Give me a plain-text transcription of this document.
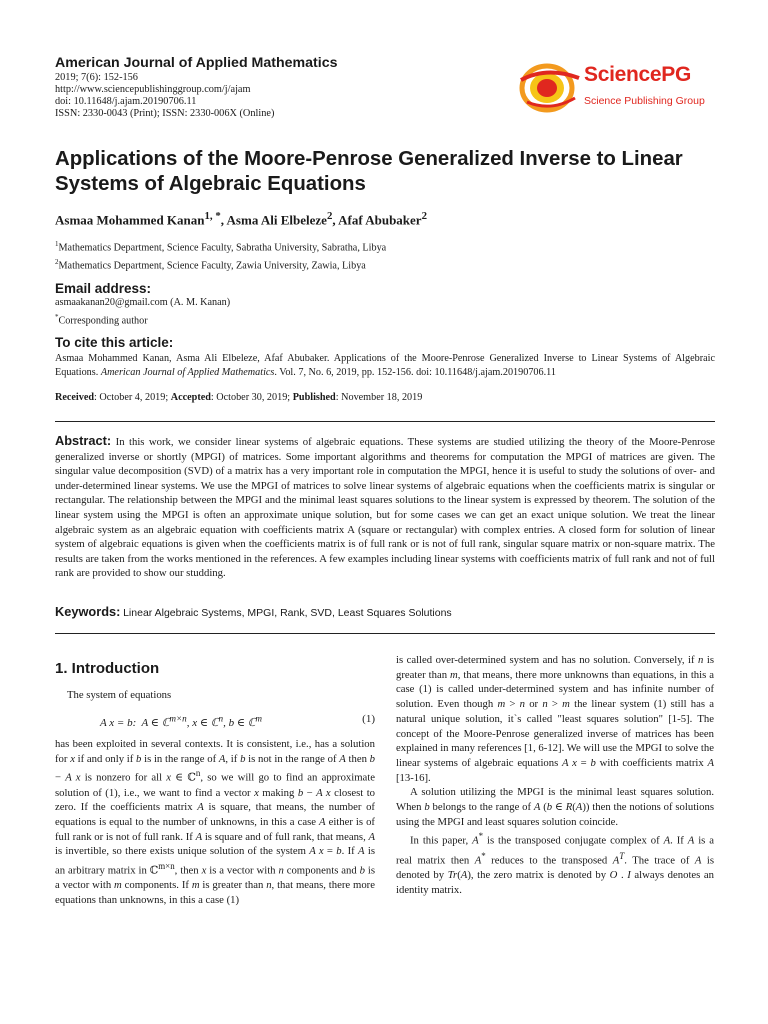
American Journal of Applied Mathematics
2019; 7(6): 152-156
http://www.sciencepublishinggroup.com/j/ajam
doi: 10.11648/j.ajam.20190706.11
ISSN: 2330-0043 (Print); ISSN: 2330-006X (Online)
SciencePG
Science Publishing Group
Applications of the Moore-Penrose Generalized Inverse to Linear Systems of Algebraic Equations
Asmaa Mohammed Kanan$^{1, *}$, Asma Ali Elbeleze$^2$, Afaf Abubaker$^2$
$^1$Mathematics Department, Science Faculty, Sabratha University, Sabratha, Libya
$^2$Mathematics Department, Science Faculty, Zawia University, Zawia, Libya
Email address:
asmaakanan20@gmail.com (A. M. Kanan)
*Corresponding author
To cite this article:
Asmaa Mohammed Kanan, Asma Ali Elbeleze, Afaf Abubaker. Applications of the Moore-Penrose Generalized Inverse to Linear Systems of Algebraic Equations. American Journal of Applied Mathematics. Vol. 7, No. 6, 2019, pp. 152-156. doi: 10.11648/j.ajam.20190706.11
Received: October 4, 2019; Accepted: October 30, 2019; Published: November 18, 2019
Abstract: In this work, we consider linear systems of algebraic equations. These systems are studied utilizing the theory of the Moore-Penrose generalized inverse or shortly (MPGI) of matrices. Some important algorithms and theorems for computation the MPGI of matrices are given. The singular value decomposition (SVD) of a matrix has a very important role in computation the MPGI, hence it is useful to study the solutions of over- and under-determined linear systems. We use the MPGI of matrices to solve linear systems of algebraic equations when the coefficients matrix is singular or rectangular. The relationship between the MPGI and the minimal least squares solutions to the linear system is expressed by theorem. The solution of the linear system using the MPGI is often an approximate unique solution, but for some cases we can get an exact unique solution. We treat the linear algebraic system as an algebraic equation with coefficients matrix A (square or rectangular) with complex entries. A closed form for solution of linear system of algebraic equations is given when the coefficients matrix is of full rank or is not of full rank, singular square matrix or non-square matrix. The results are taken from the works mentioned in the references. A few examples including linear systems with coefficients matrix of full rank and not of full rank are provided to show our studding.
Keywords: Linear Algebraic Systems, MPGI, Rank, SVD, Least Squares Solutions
1. Introduction
The system of equations
A x = b:  A ∈ ℂ$^{m\times n}$, x ∈ ℂ$^n$, b ∈ ℂ$^m$	(1)
has been exploited in several contexts. It is consistent, i.e., has a solution for x if and only if b is in the range of A, if b is not in the range of A then b − A x is nonzero for all x ∈ ℂ$^n$, so we will go to find an approximate solution of (1), i.e., we want to find a vector x making b − A x closest to zero. If the coefficients matrix A is square, that means, the number of equations is equal to the number of unknowns, in this a case A either is of full rank or is not of full rank. If A is square and of full rank, that means, A is invertible, so there exists unique solution of the system A x = b. If A is an arbitrary matrix in ℂ$^{m\times n}$, then x is a vector with n components and b is a vector with m components. If m is greater than n, that means, there more equations than unknowns, in this a case (1)

is called over-determined system and has no solution. Conversely, if n is greater than m, that means, there more unknowns than equations, in this a case (1) is called under-determined system and has infinite number of solution. Even though m > n or n > m the linear system (1) still has a natural unique solution, it`s called "least squares solution" [1-5]. The concept of the Moore-Penrose generalized inverse of matrices has been explained in many references [1, 6-12]. We will use the MPGI to solve the linear systems of algebraic equations A x = b with coefficients matrix A [13-16].

A solution utilizing the MPGI is the minimal least squares solution. When b belongs to the range of A (b ∈ R(A)) then the notions of solutions using the MPGI and least squares solution coincide.

In this paper, A* is the transposed conjugate complex of A. If A is a real matrix then A* reduces to the transposed $A^T$. The trace of A is denoted by Tr(A), the zero matrix is denoted by O . I always denotes an identity matrix.
